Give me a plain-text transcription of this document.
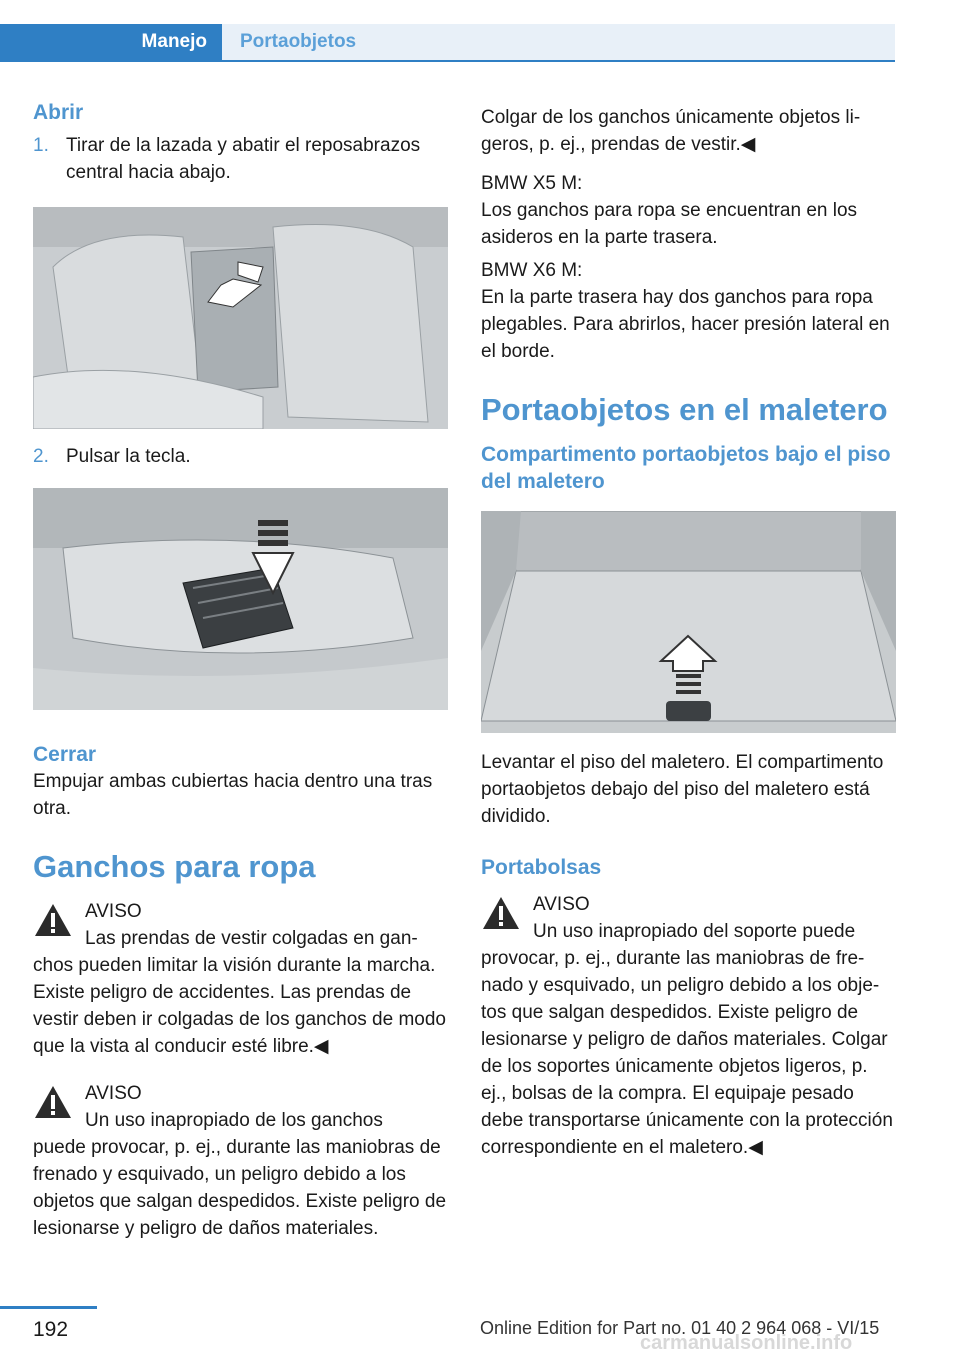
Manejo Portaobjetos
Abrir
1. Tirar de la lazada y abatir el reposabrazos central hacia abajo.
2. Pulsar la tecla.
Cerrar

Empujar ambas cubiertas hacia dentro una tras otra.

Ganchos para ropa
AVISO
Las prendas de vestir colgadas en gan-
chos pueden limitar la visión durante la marcha. Existe peligro de accidentes. Las prendas de vestir deben ir colgadas de los ganchos de modo que la vista al conducir esté libre.◀
AVISO
Un uso inapropiado de los ganchos
puede provocar, p. ej., durante las maniobras de frenado y esquivado, un peligro debido a los objetos que salgan despedidos. Existe peligro de lesionarse y peligro de daños materiales.

Colgar de los ganchos únicamente objetos ligeros, p. ej., prendas de vestir.◀

BMW X5 M:

Los ganchos para ropa se encuentran en los asideros en la parte trasera.

BMW X6 M:

En la parte trasera hay dos ganchos para ropa plegables. Para abrirlos, hacer presión lateral en el borde.

Portaobjetos en el maletero
Compartimento portaobjetos bajo el piso del maletero

Levantar el piso del maletero. El compartimento portaobjetos debajo del piso del maletero está dividido.

Portabolsas
AVISO
Un uso inapropiado del soporte puede
provocar, p. ej., durante las maniobras de frenado y esquivado, un peligro debido a los objetos que salgan despedidos. Existe peligro de lesionarse y peligro de daños materiales. Colgar de los soportes únicamente objetos ligeros, p. ej., bolsas de la compra. El equipaje pesado debe transportarse únicamente con la protección correspondiente en el maletero.◀
192	Online Edition for Part no. 01 40 2 964 068 - VI/15
carmanualsonline.info
